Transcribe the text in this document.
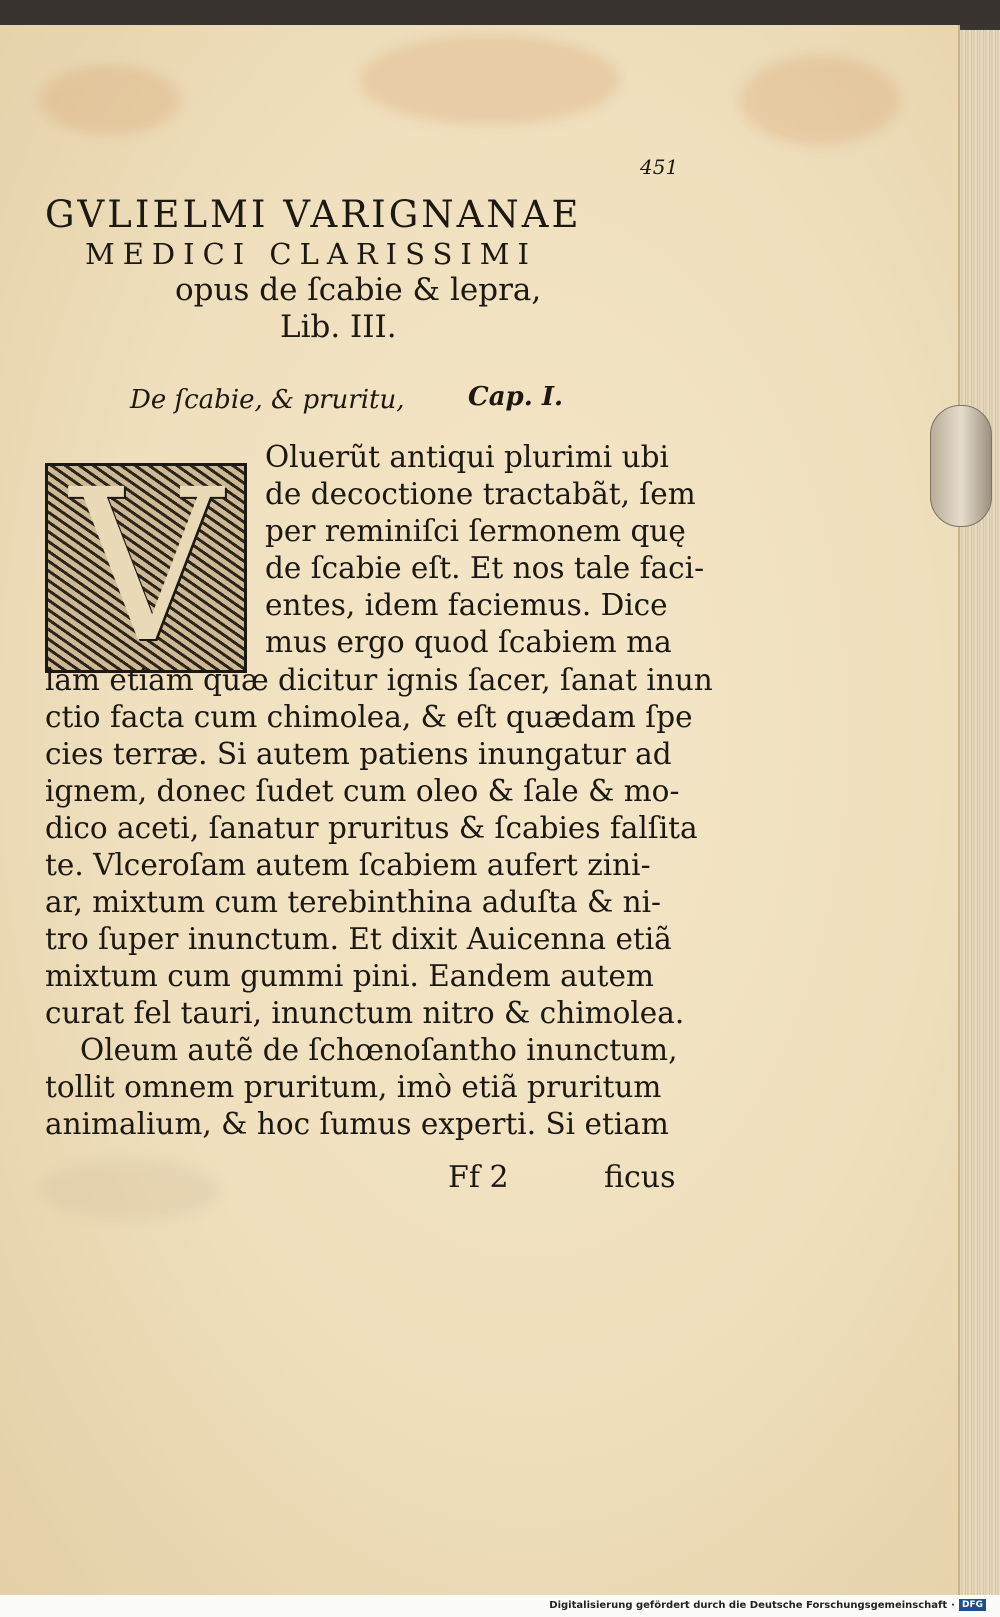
451
GVLIELMI VARIGNANAE
MEDICI CLARISSIMI
opus de ſcabie & lepra,
Lib. III.
De ſcabie, & pruritu, Cap. I.
V	Oluerũt antiqui plurimi ubi
de decoctione tractabãt, ſem
per reminiſci ſermonem quę
de ſcabie eſt. Et nos tale faci-
entes, idem faciemus. Dice
mus ergo quod ſcabiem ma
lam etiam quæ dicitur ignis ſacer, ſanat inun
ctio facta cum chimolea, & eſt quædam ſpe
cies terræ. Si autem patiens inungatur ad
ignem, donec ſudet cum oleo & ſale & mo-
dico aceti, ſanatur pruritus & ſcabies falſita
te. Vlceroſam autem ſcabiem aufert zini-
ar, mixtum cum terebinthina aduſta & ni-
tro ſuper inunctum. Et dixit Auicenna etiã
mixtum cum gummi pini. Eandem autem
curat fel tauri, inunctum nitro & chimolea.
Oleum autẽ de ſchœnoſantho inunctum,
tollit omnem pruritum, imò etiã pruritum
animalium, & hoc ſumus experti. Si etiam
Ff 2	ficus
Digitalisierung gefördert durch die Deutsche Forschungsgemeinschaft · DFG
